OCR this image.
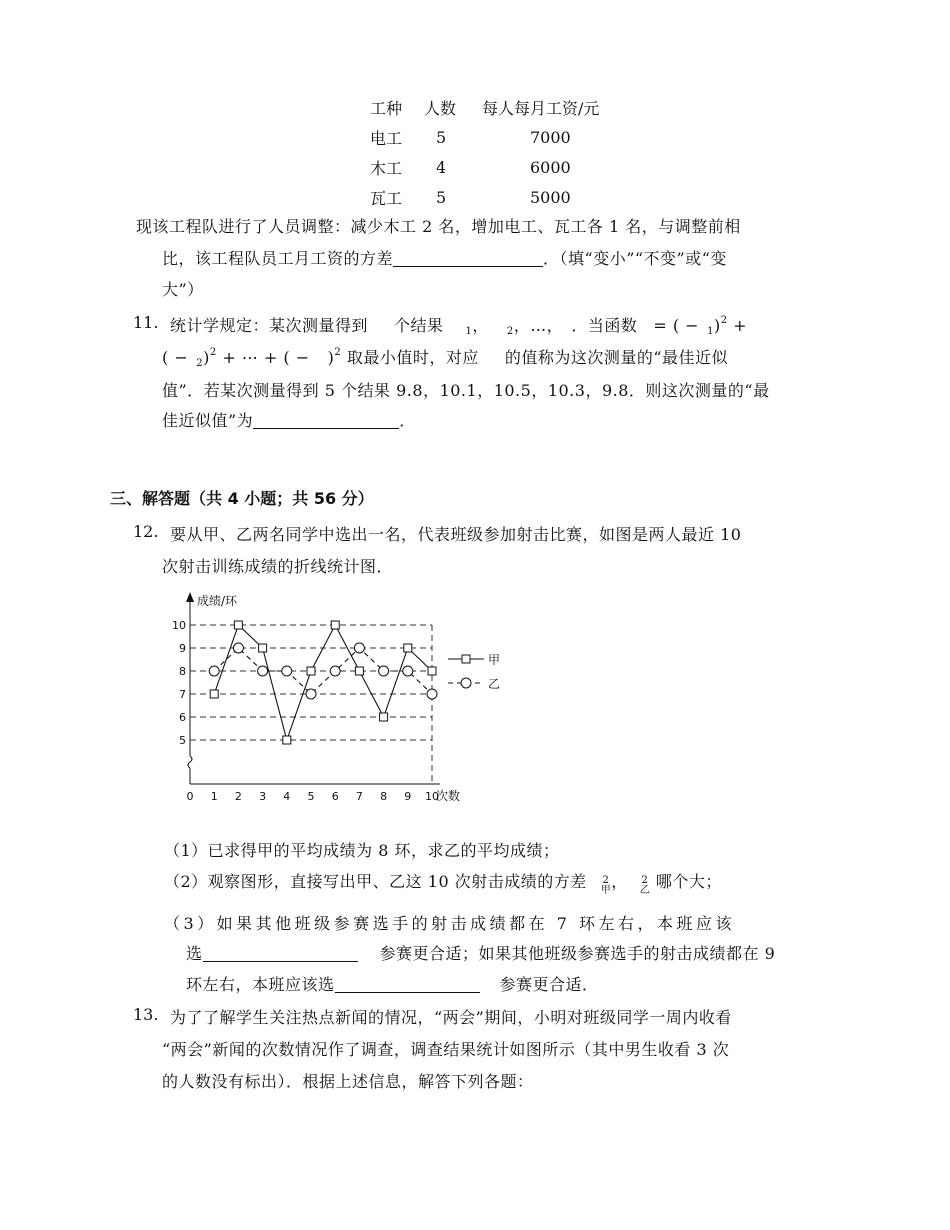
工种	人数	每人每月工资/元
电工	5	7000
木工	4	6000
瓦工	5	5000
现该工程队进行了人员调整：减少木工 2 名，增加电工、瓦工各 1 名，与调整前相
比，该工程队员工月工资的方差	．（填“变小”“不变”或“变
大”）
11. 统计学规定：某次测量得到 个结果 $_1$， $_2$，…， ．当函数 = ( − $_1$)$^2$ +
( − $_2$)$^2$ + ⋯ + ( − )$^2$ 取最小值时，对应 的值称为这次测量的“最佳近似
值”．若某次测量得到 5 个结果 9.8，10.1，10.5，10.3，9.8．则这次测量的“最
佳近似值”为	．
三、解答题（共 4 小题；共 56 分）
12. 要从甲、乙两名同学中选出一名，代表班级参加射击比赛，如图是两人最近 10
次射击训练成绩的折线统计图．
成绩/环
次数
5
6
7
8
9
10
0 1 2 3 4 5 6 7 8 9 10
甲
乙
（1）已求得甲的平均成绩为 8 环，求乙的平均成绩；
（2）观察图形，直接写出甲、乙这 10 次射击成绩的方差 2
甲， 2
乙 哪个大；
（3）如果其他班级参赛选手的射击成绩都在 7 环左右，本班应该
选	参赛更合适；如果其他班级参赛选手的射击成绩都在 9
环左右，本班应该选	参赛更合适．
13. 为了了解学生关注热点新闻的情况，“两会”期间，小明对班级同学一周内收看
“两会”新闻的次数情况作了调查，调查结果统计如图所示（其中男生收看 3 次
的人数没有标出）．根据上述信息，解答下列各题：
